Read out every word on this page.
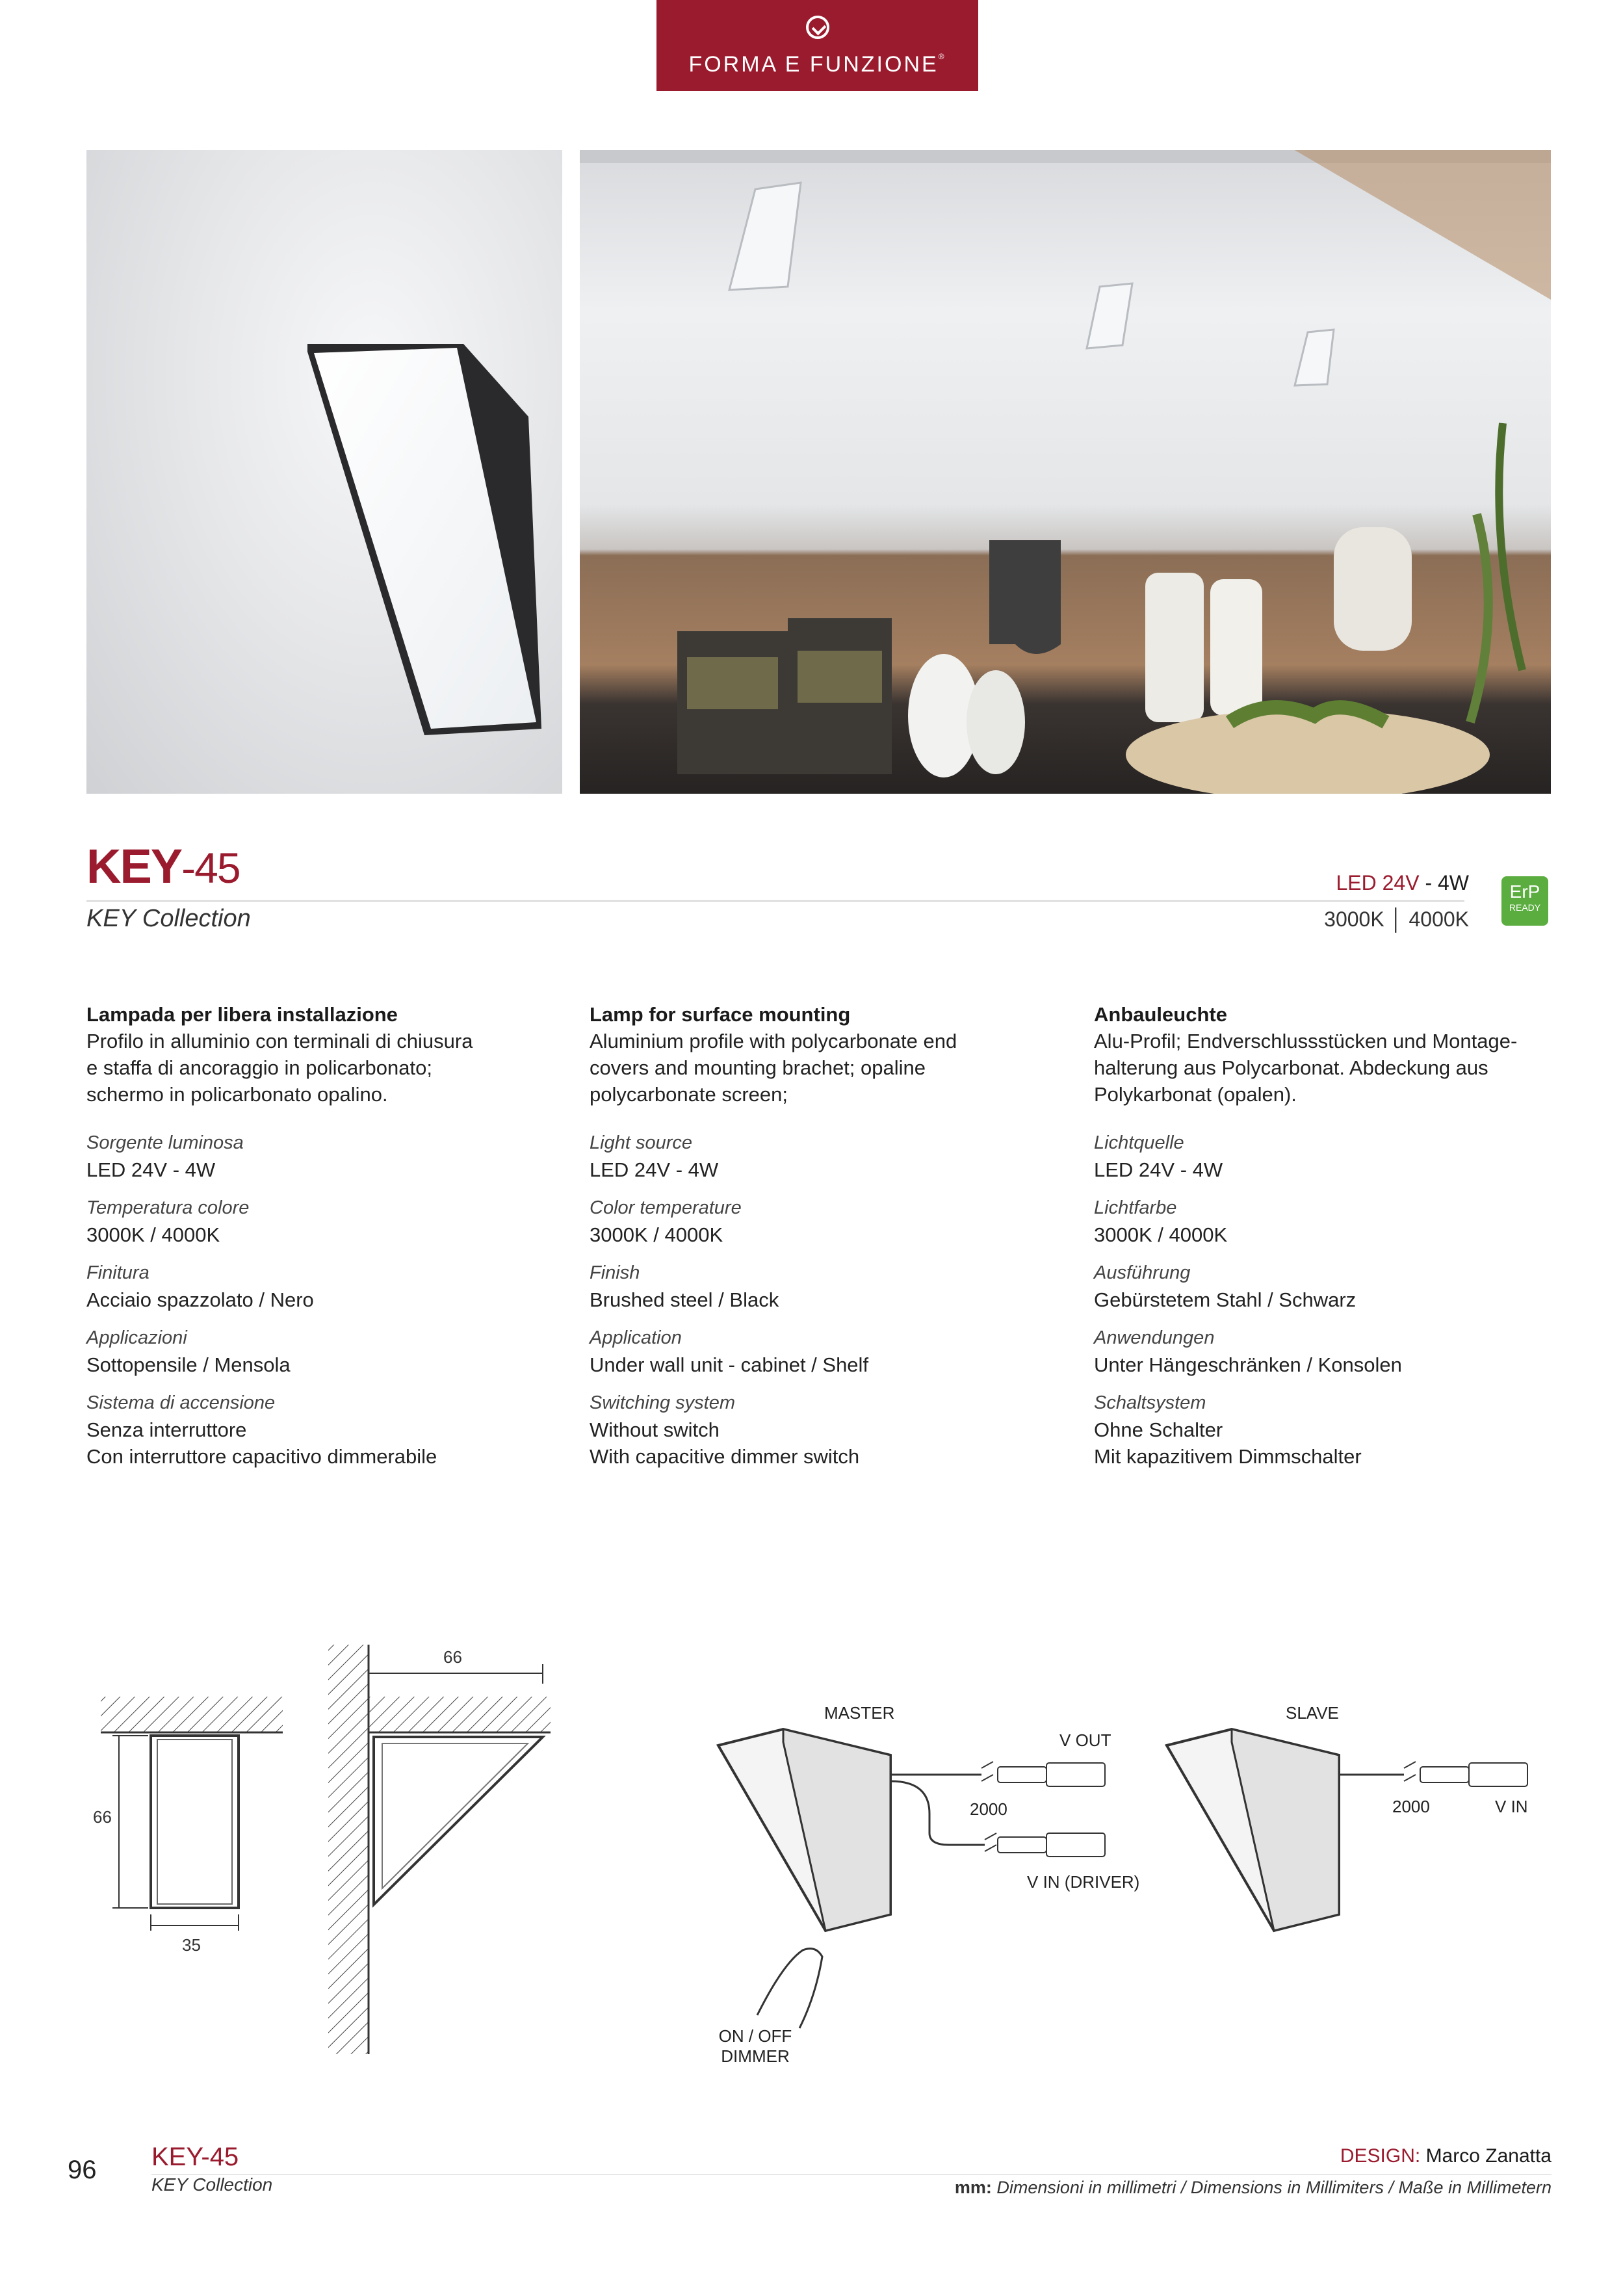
FORMA E FUNZIONE®
KEY-45
KEY Collection
LED 24V - 4W
3000K │ 4000K
ErP
READY
Lampada per libera installazione
Profilo in alluminio con terminali di chiusura
e staffa di ancoraggio in policarbonato;
schermo in policarbonato opalino.
Sorgente luminosa
LED 24V - 4W
Temperatura colore
3000K / 4000K
Finitura
Acciaio spazzolato / Nero
Applicazioni
Sottopensile / Mensola
Sistema di accensione
Senza interruttore
Con interruttore capacitivo dimmerabile
Lamp for surface mounting
Aluminium profile with polycarbonate end
covers and mounting brachet; opaline
polycarbonate screen;
Light source
LED 24V - 4W
Color temperature
3000K / 4000K
Finish
Brushed steel / Black
Application
Under wall unit - cabinet / Shelf
Switching system
Without switch
With capacitive dimmer switch
Anbauleuchte
Alu-Profil; Endverschlussstücken und Montage-
halterung aus Polycarbonat. Abdeckung aus
Polykarbonat (opalen).
Lichtquelle
LED 24V - 4W
Lichtfarbe
3000K / 4000K
Ausführung
Gebürstetem Stahl / Schwarz
Anwendungen
Unter Hängeschränken / Konsolen
Schaltsystem
Ohne Schalter
Mit kapazitivem Dimmschalter
66
66
35
MASTER	SLAVE
V OUT
2000
V IN (DRIVER)
2000	V IN
ON / OFF
DIMMER
96 KEY-45
KEY Collection
DESIGN: Marco Zanatta
mm: Dimensioni in millimetri / Dimensions in Millimiters / Maße in Millimetern
